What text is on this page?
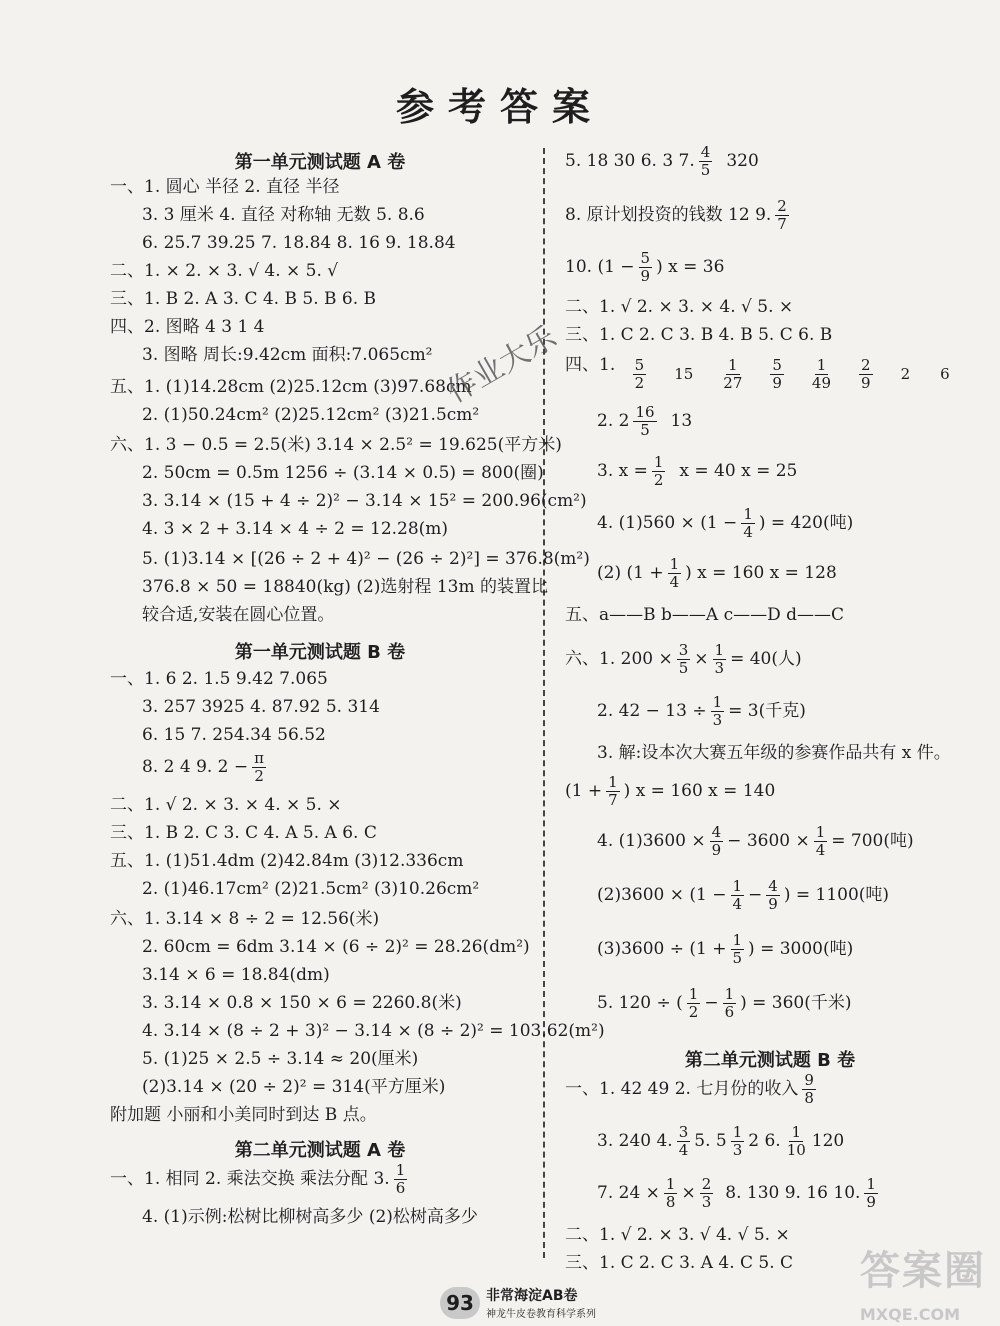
参考答案
第一单元测试题 A 卷
一、1. 圆心 半径 2. 直径 半径
3. 3 厘米 4. 直径 对称轴 无数 5. 8.6
6. 25.7 39.25 7. 18.84 8. 16 9. 18.84
二、1. × 2. × 3. √ 4. × 5. √
三、1. B 2. A 3. C 4. B 5. B 6. B
四、2. 图略 4 3 1 4
3. 图略 周长:9.42cm 面积:7.065cm²
五、1. (1)14.28cm (2)25.12cm (3)97.68cm
2. (1)50.24cm² (2)25.12cm² (3)21.5cm²
六、1. 3 − 0.5 = 2.5(米) 3.14 × 2.5² = 19.625(平方米)
2. 50cm = 0.5m 1256 ÷ (3.14 × 0.5) = 800(圈)
3. 3.14 × (15 + 4 ÷ 2)² − 3.14 × 15² = 200.96(cm²)
4. 3 × 2 + 3.14 × 4 ÷ 2 = 12.28(m)
5. (1)3.14 × [(26 ÷ 2 + 4)² − (26 ÷ 2)²] = 376.8(m²)
376.8 × 50 = 18840(kg) (2)选射程 13m 的装置比
较合适,安装在圆心位置。
第一单元测试题 B 卷
一、1. 6 2. 1.5 9.42 7.065
3. 257 3925 4. 87.92 5. 314
6. 15 7. 254.34 56.52
8. 2 4 9. $2 - \frac{\pi}{2}$
二、1. √ 2. × 3. × 4. × 5. ×
三、1. B 2. C 3. C 4. A 5. A 6. C
五、1. (1)51.4dm (2)42.84m (3)12.336cm
2. (1)46.17cm² (2)21.5cm² (3)10.26cm²
六、1. 3.14 × 8 ÷ 2 = 12.56(米)
2. 60cm = 6dm 3.14 × (6 ÷ 2)² = 28.26(dm²)
3.14 × 6 = 18.84(dm)
3. 3.14 × 0.8 × 150 × 6 = 2260.8(米)
4. 3.14 × (8 ÷ 2 + 3)² − 3.14 × (8 ÷ 2)² = 103.62(m²)
5. (1)25 × 2.5 ÷ 3.14 ≈ 20(厘米)
(2)3.14 × (20 ÷ 2)² = 314(平方厘米)
附加题 小丽和小美同时到达 B 点。
第二单元测试题 A 卷
一、1. 相同 2. 乘法交换 乘法分配 3. $\frac{1}{6}$
4. (1)示例:松树比柳树高多少 (2)松树高多少
5. 18 30 6. 3 7. $\frac{4}{5} 320$
8. 原计划投资的钱数 12 9. $\frac{2}{7}$
10. ($1 - \frac{5}{9}$ ) x = 36
二、1. √ 2. × 3. × 4. √ 5. ×
三、1. C 2. C 3. B 4. B 5. C 6. B
四、1. $\frac{5}{2} 15 \frac{1}{27} \frac{5}{9} \frac{1}{49} \frac{2}{9} 2$ 6
2. $2 \frac{16}{5} 13$
3. $x = \frac{1}{2}$ x = 40 x = 25
4. $(1)560 \times (1 - \frac{1}{4}$ ) = 420(吨)
(2) ($1 + \frac{1}{4}$ ) x = 160 x = 128
五、a——B b——A c——D d——C
六、1. $200 \times \frac{3}{5} \times \frac{1}{3} = 40$(人)
2. $42 - 13 \div \frac{1}{3} = 3$(千克)
3. 解:设本次大赛五年级的参赛作品共有 x 件。
($1 + \frac{1}{7}$ ) x = 160 x = 140
4. $(1)3600 \times \frac{4}{9} - 3600 \times \frac{1}{4} = 700$(吨)
$(2)3600 \times (1 - \frac{1}{4} - \frac{4}{9}$ ) = 1100(吨)
$(3)3600 \div (1 + \frac{1}{5}$ ) = 3000(吨)
5. 120 ÷ ( $\frac{1}{2} - \frac{1}{6}$ ) = 360(千米)
第二单元测试题 B 卷
一、1. 42 49 2. 七月份的收入 $\frac{9}{8}$
3. 240 4. $\frac{3}{4} 5$. $5 \frac{1}{3} 2$ 6. $\frac{1}{10} 120$
7. $24 \times \frac{1}{8} \times \frac{2}{3} 8$. 130 9. 16 10. $\frac{1}{9}$
二、1. √ 2. × 3. √ 4. √ 5. ×
三、1. C 2. C 3. A 4. C 5. C
作业大乐
93 非常海淀AB卷
神龙牛皮卷教育科学系列
答案圈
MXQE.COM
